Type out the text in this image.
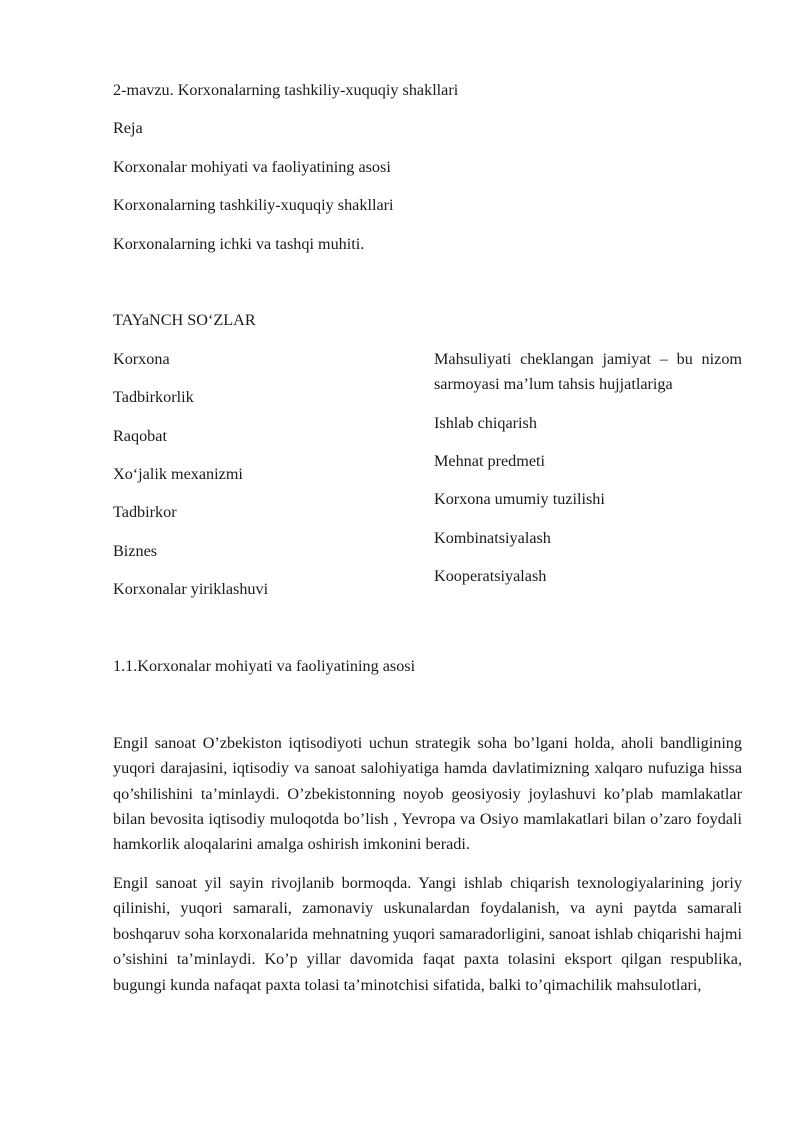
2-mavzu. Korxonalarning tashkiliy-xuquqiy shakllari

Reja

Korxonalar mohiyati va faoliyatining asosi

Korxonalarning tashkiliy-xuquqiy shakllari

Korxonalarning ichki va tashqi muhiti.

TAYaNCH SO‘ZLAR

Korxona

Tadbirkorlik

Raqobat

Xo‘jalik mexanizmi

Tadbirkor

Biznes

Korxonalar yiriklashuvi

Mahsuliyati cheklangan jamiyat – bu nizom sarmoyasi ma’lum tahsis hujjatlariga

Ishlab chiqarish

Mehnat predmeti

Korxona umumiy tuzilishi

Kombinatsiyalash

Kooperatsiyalash

1.1.Korxonalar mohiyati va faoliyatining asosi

Engil sanoat O’zbekiston iqtisodiyoti uchun strategik soha bo’lgani holda, aholi bandligining yuqori darajasini, iqtisodiy va sanoat salohiyatiga hamda davlatimizning xalqaro nufuziga hissa qo’shilishini ta’minlaydi. O’zbekistonning noyob geosiyosiy joylashuvi ko’plab mamlakatlar bilan bevosita iqtisodiy muloqotda bo’lish , Yevropa va Osiyo mamlakatlari bilan o’zaro foydali hamkorlik aloqalarini amalga oshirish imkonini beradi.

Engil sanoat yil sayin rivojlanib bormoqda. Yangi ishlab chiqarish texnologiyalarining joriy qilinishi, yuqori samarali, zamonaviy uskunalardan foydalanish, va ayni paytda samarali boshqaruv soha korxonalarida mehnatning yuqori samaradorligini, sanoat ishlab chiqarishi hajmi o’sishini ta’minlaydi. Ko’p yillar davomida faqat paxta tolasini eksport qilgan respublika, bugungi kunda nafaqat paxta tolasi ta’minotchisi sifatida, balki to’qimachilik mahsulotlari,
